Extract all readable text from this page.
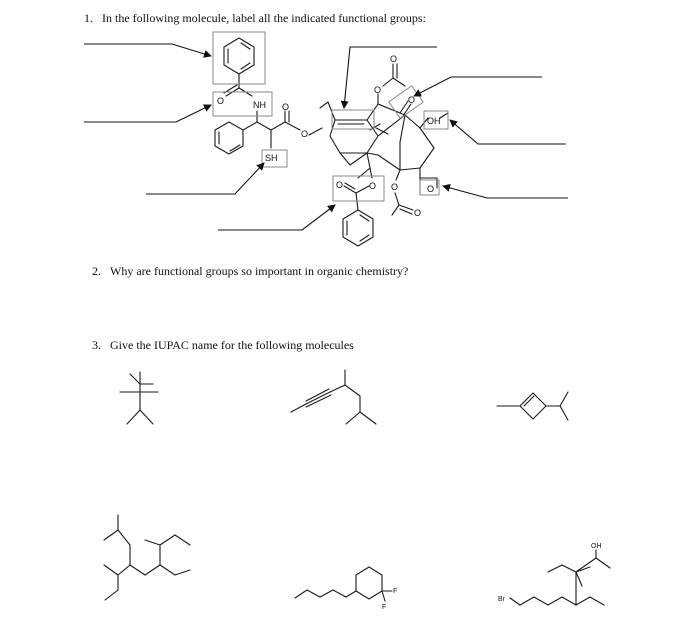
1. In the following molecule, label all the indicated functional groups:
2. Why are functional groups so important in organic chemistry?
3. Give the IUPAC name for the following molecules
O	NH O
O
SH
O
O
O
OH
O
O
O
O
O
F
F
Br
OH
